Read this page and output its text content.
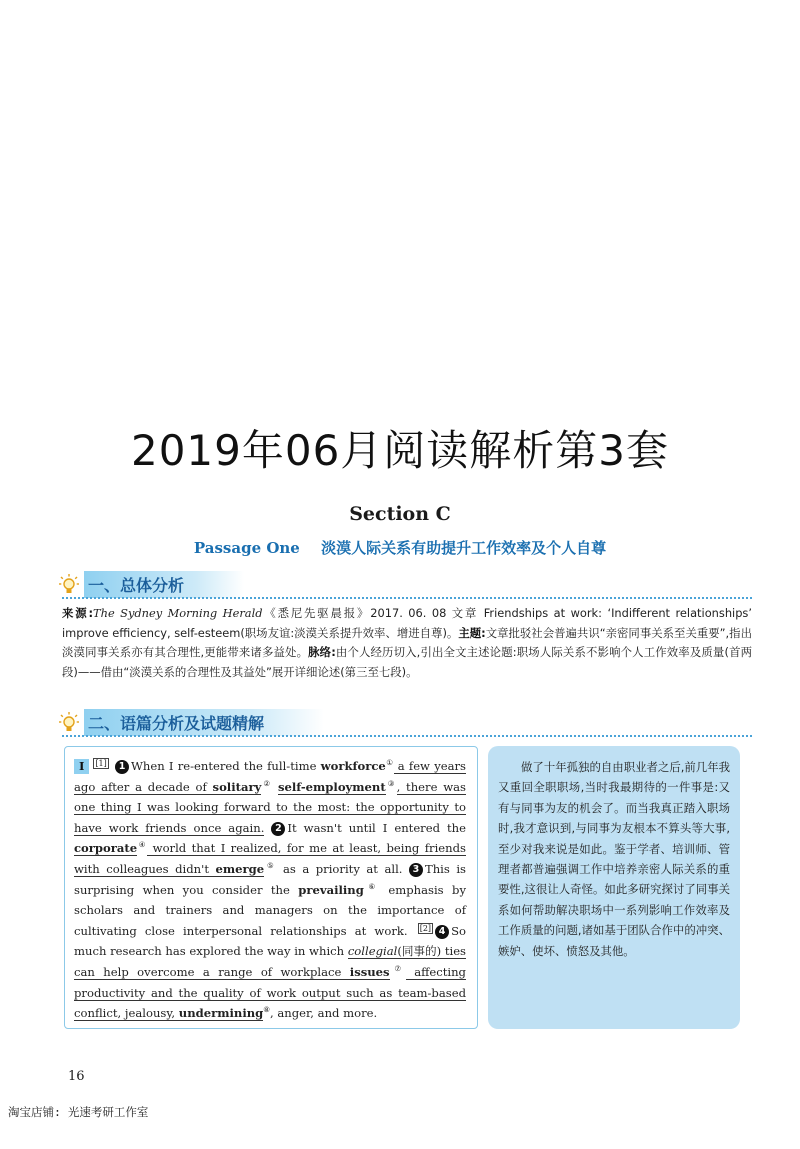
2019年06月阅读解析第3套
Section C
Passage One 淡漠人际关系有助提升工作效率及个人自尊
一、总体分析
来源:The Sydney Morning Herald《悉尼先驱晨报》2017. 06. 08 文章 Friendships at work: ‘Indifferent relationships’ improve efficiency, self-esteem(职场友谊:淡漠关系提升效率、增进自尊)。主题:文章批驳社会普遍共识“亲密同事关系至关重要”,指出淡漠同事关系亦有其合理性,更能带来诸多益处。脉络:由个人经历切入,引出全文主述论题:职场人际关系不影响个人工作效率及质量(首两段)——借由“淡漠关系的合理性及其益处”展开详细论述(第三至七段)。
二、语篇分析及试题精解
I [1] 1 When I re-entered the full-time workforce① a few years ago after a decade of solitary② self-employment③, there was one thing I was looking forward to the most: the opportunity to have work friends once again. 2 It wasn't until I entered the corporate④ world that I realized, for me at least, being friends with colleagues didn't emerge⑤ as a priority at all. 3 This is surprising when you consider the prevailing⑥ emphasis by scholars and trainers and managers on the importance of cultivating close interpersonal relationships at work. [2] 4 So much research has explored the way in which collegial(同事的) ties can help overcome a range of workplace issues⑦ affecting productivity and the quality of work output such as team-based conflict, jealousy, undermining⑧, anger, and more.
做了十年孤独的自由职业者之后,前几年我又重回全职职场,当时我最期待的一件事是:又有与同事为友的机会了。而当我真正踏入职场时,我才意识到,与同事为友根本不算头等大事,至少对我来说是如此。鉴于学者、培训师、管理者都普遍强调工作中培养亲密人际关系的重要性,这很让人奇怪。如此多研究探讨了同事关系如何帮助解决职场中一系列影响工作效率及工作质量的问题,诸如基于团队合作中的冲突、嫉妒、使坏、愤怒及其他。
16
淘宝店铺: 光速考研工作室
